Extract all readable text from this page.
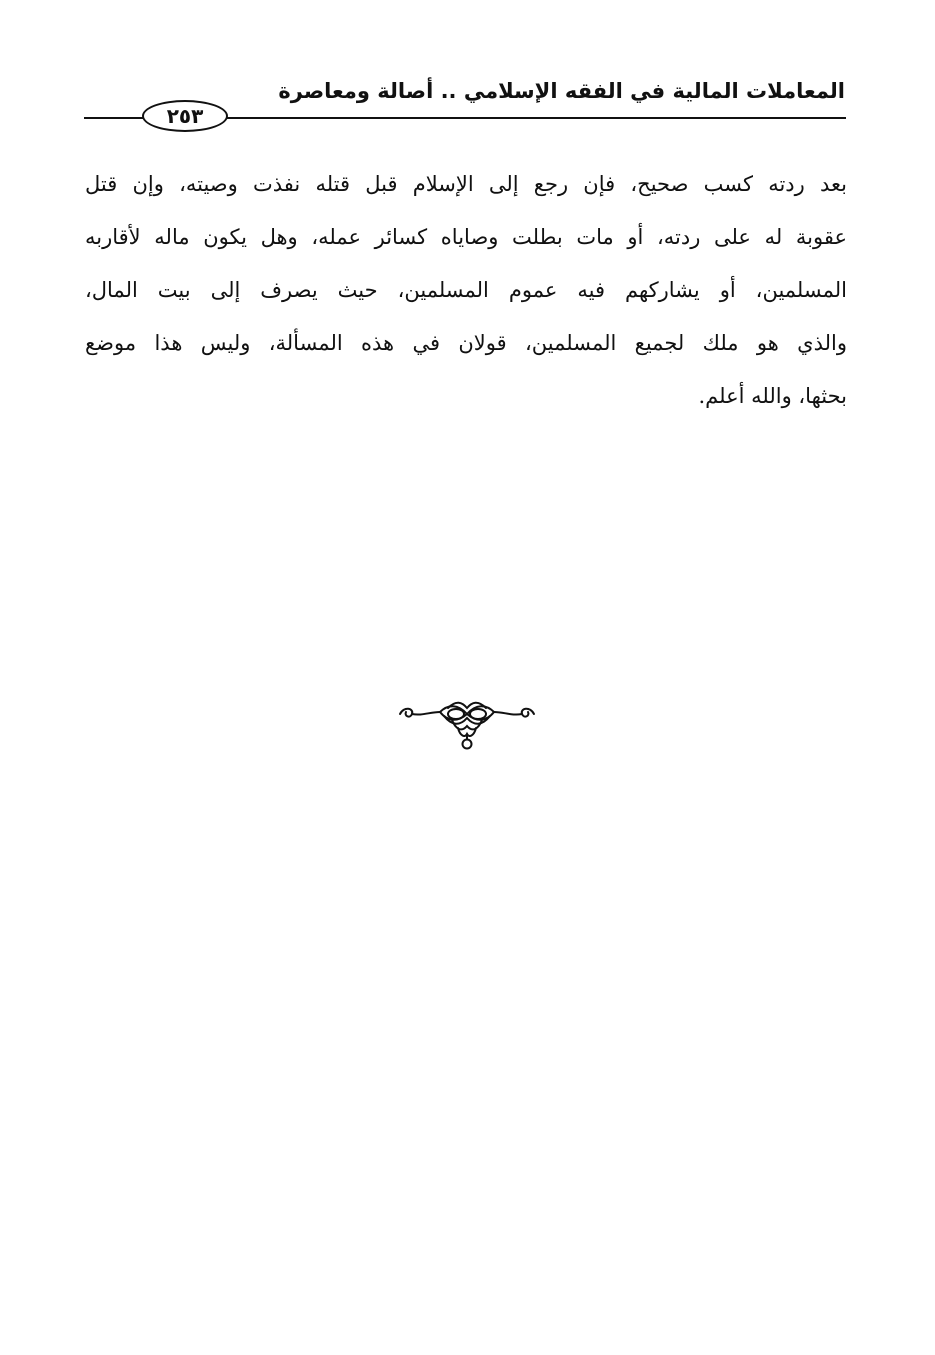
المعاملات المالية في الفقه الإسلامي .. أصالة ومعاصرة
٢٥٣
بعد ردته كسب صحيح، فإن رجع إلى الإسلام قبل قتله نفذت وصيته، وإن قتل
عقوبة له على ردته، أو مات بطلت وصاياه كسائر عمله، وهل يكون ماله لأقاربه
المسلمين، أو يشاركهم فيه عموم المسلمين، حيث يصرف إلى بيت المال،
والذي هو ملك لجميع المسلمين، قولان في هذه المسألة، وليس هذا موضع
بحثها، والله أعلم.
